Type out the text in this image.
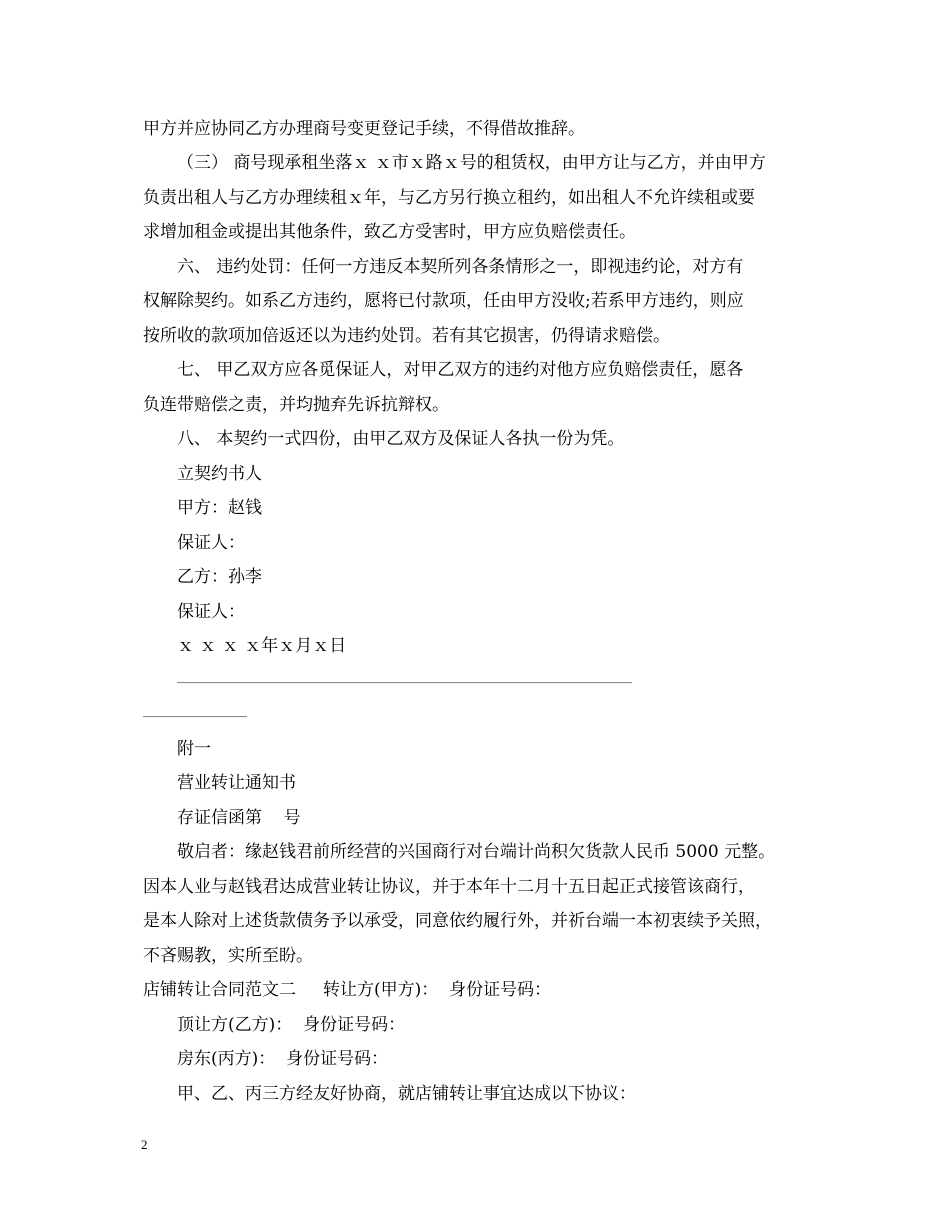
甲方并应协同乙方办理商号变更登记手续，不得借故推辞。
（三） 商号现承租坐落ｘ ｘ市ｘ路ｘ号的租赁权，由甲方让与乙方，并由甲方
负责出租人与乙方办理续租ｘ年，与乙方另行换立租约，如出租人不允许续租或要
求增加租金或提出其他条件，致乙方受害时，甲方应负赔偿责任。
六、 违约处罚：任何一方违反本契所列各条情形之一，即视违约论，对方有
权解除契约。如系乙方违约，愿将已付款项，任由甲方没收;若系甲方违约，则应
按所收的款项加倍返还以为违约处罚。若有其它损害，仍得请求赔偿。
七、 甲乙双方应各觅保证人，对甲乙双方的违约对他方应负赔偿责任，愿各
负连带赔偿之责，并均抛弃先诉抗辩权。
八、 本契约一式四份，由甲乙双方及保证人各执一份为凭。
立契约书人
甲方：赵钱
保证人：
乙方：孙李
保证人：
ｘ ｘ ｘ ｘ年ｘ月ｘ日
______________________________________________________________________
________________
附一
营业转让通知书
存证信函第    号
敬启者：缘赵钱君前所经营的兴国商行对台端计尚积欠货款人民币 5000 元整。
因本人业与赵钱君达成营业转让协议，并于本年十二月十五日起正式接管该商行，
是本人除对上述货款债务予以承受，同意依约履行外，并祈台端一本初衷续予关照，
不吝赐教，实所至盼。
店铺转让合同范文二     转让方(甲方)：  身份证号码：
顶让方(乙方)：  身份证号码：
房东(丙方)：  身份证号码：
甲、乙、丙三方经友好协商，就店铺转让事宜达成以下协议：
2
